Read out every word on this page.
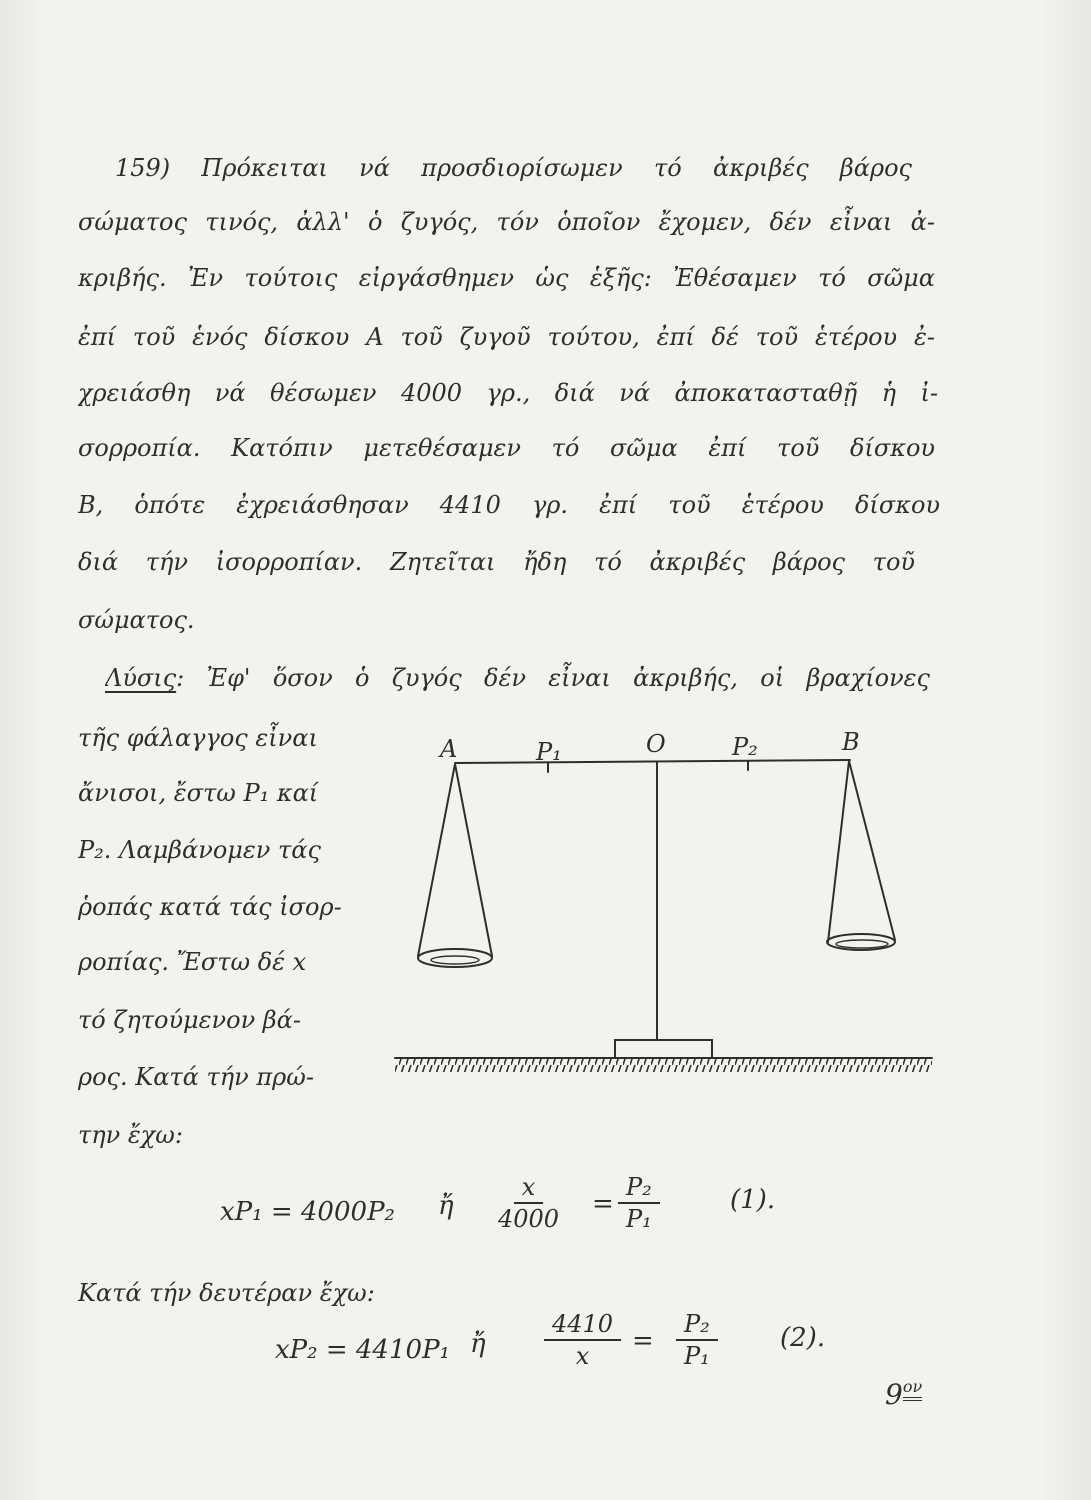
159) Πρόκειται νά προσδιορίσωμεν τό ἀκριβές βάρος
σώματος τινός, ἀλλ' ὁ ζυγός, τόν ὁποῖον ἔχομεν, δέν εἶναι ἀ-
κριβής. Ἐν τούτοις εἰργάσθημεν ὡς ἑξῆς: Ἐθέσαμεν τό σῶμα
ἐπί τοῦ ἑνός δίσκου A τοῦ ζυγοῦ τούτου, ἐπί δέ τοῦ ἑτέρου ἐ-
χρειάσθη νά θέσωμεν 4000 γρ., διά νά ἀποκατασταθῇ ἡ ἰ-
σορροπία. Κατόπιν μετεθέσαμεν τό σῶμα ἐπί τοῦ δίσκου
B, ὁπότε ἐχρειάσθησαν 4410 γρ. ἐπί τοῦ ἑτέρου δίσκου
διά τήν ἰσορροπίαν. Ζητεῖται ἤδη τό ἀκριβές βάρος τοῦ
σώματος.
Λύσις: Ἐφ' ὅσον ὁ ζυγός δέν εἶναι ἀκριβής, οἱ βραχίονες
τῆς φάλαγγος εἶναι
ἄνισοι, ἔστω P₁ καί
P₂. Λαμβάνομεν τάς
ῥοπάς κατά τάς ἰσορ-
ροπίας. Ἔστω δέ x
τό ζητούμενον βά-
ρος. Κατά τήν πρώ-
την ἔχω:
A	P₁	O	P₂	B
xP₁ = 4000P₂ ἤ $\frac{x}{4000} = \frac{\text{P₂}}{\text{P₁}}$	(1).
Κατά τήν δευτέραν ἔχω:
xP₂ = 4410P₁ ἤ $\frac{4410}{x} = \frac{\text{P₂}}{\text{P₁}} (2)$.
$9^{o\nu}$
